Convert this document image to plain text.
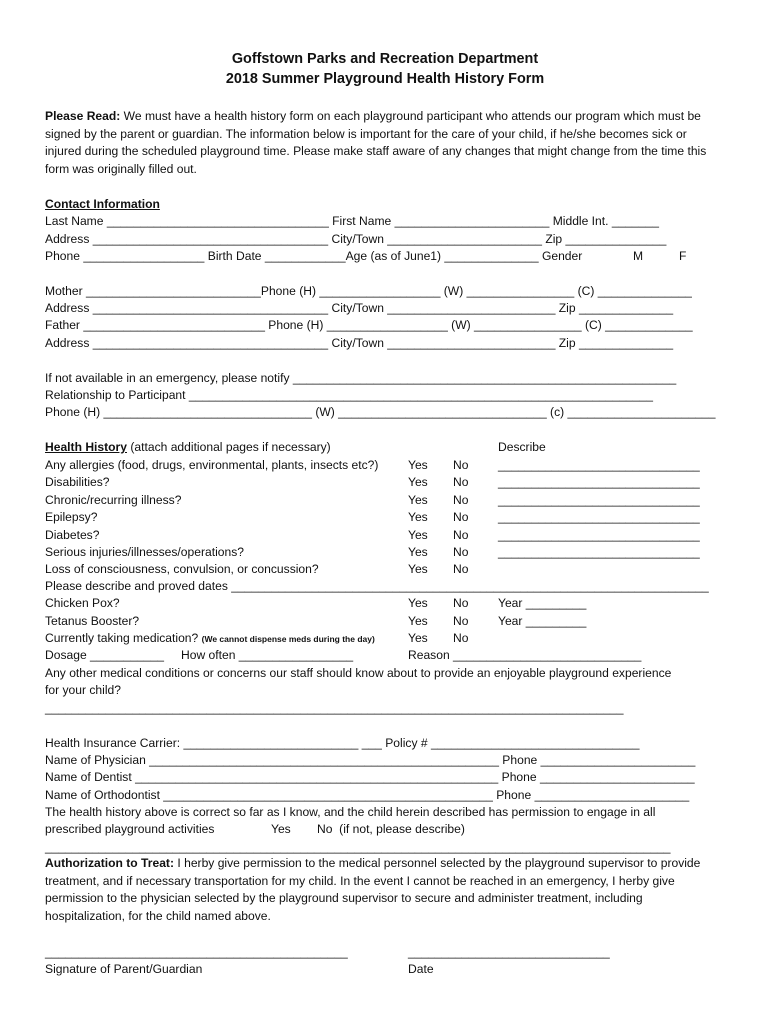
Goffstown Parks and Recreation Department
2018 Summer Playground Health History Form
Please Read: We must have a health history form on each playground participant who attends our program which must be signed by the parent or guardian. The information below is important for the care of your child, if he/she becomes sick or injured during the scheduled playground time. Please make staff aware of any changes that might change from the time this form was originally filled out.
Contact Information
Last Name _________________________________ First Name _______________________ Middle Int. _______
Address ___________________________________ City/Town _______________________ Zip _______________
Phone __________________ Birth Date ____________Age (as of June1) ______________ Gender	M	F
Mother __________________________Phone (H) __________________ (W) ________________ (C) ______________
Address ___________________________________ City/Town _________________________ Zip ______________
Father ___________________________ Phone (H) __________________ (W) ________________ (C) _____________
Address ___________________________________ City/Town _________________________ Zip ______________
If not available in an emergency, please notify _________________________________________________________
Relationship to Participant _____________________________________________________________________
Phone (H) _______________________________ (W) _______________________________ (c) ______________________
Health History (attach additional pages if necessary)	Describe
Any allergies (food, drugs, environmental, plants, insects etc?) Yes No ______________________________
Disabilities?	Yes No ______________________________
Chronic/recurring illness?	Yes No ______________________________
Epilepsy?	Yes No ______________________________
Diabetes?	Yes No ______________________________
Serious injuries/illnesses/operations?	Yes No ______________________________
Loss of consciousness, convulsion, or concussion?	Yes No
Please describe and proved dates _______________________________________________________________________
Chicken Pox?	Yes No Year _________
Tetanus Booster?	Yes No Year _________
Currently taking medication? (We cannot dispense meds during the day)	Yes No
Dosage ___________ How often _________________	Reason ____________________________
Any other medical conditions or concerns our staff should know about to provide an enjoyable playground experience
for your child?
______________________________________________________________________________________
Health Insurance Carrier: __________________________ ___ Policy # _______________________________
Name of Physician ____________________________________________________ Phone _______________________
Name of Dentist ______________________________________________________ Phone _______________________
Name of Orthodontist _________________________________________________ Phone _______________________
The health history above is correct so far as I know, and the child herein described has permission to engage in all
prescribed playground activities	Yes No  (if not, please describe)
_____________________________________________________________________________________________
Authorization to Treat: I herby give permission to the medical personnel selected by the playground supervisor to provide treatment, and if necessary transportation for my child. In the event I cannot be reached in an emergency, I herby give permission to the physician selected by the playground supervisor to secure and administer treatment, including hospitalization, for the child named above.
_____________________________________________	______________________________
Signature of Parent/Guardian	Date
